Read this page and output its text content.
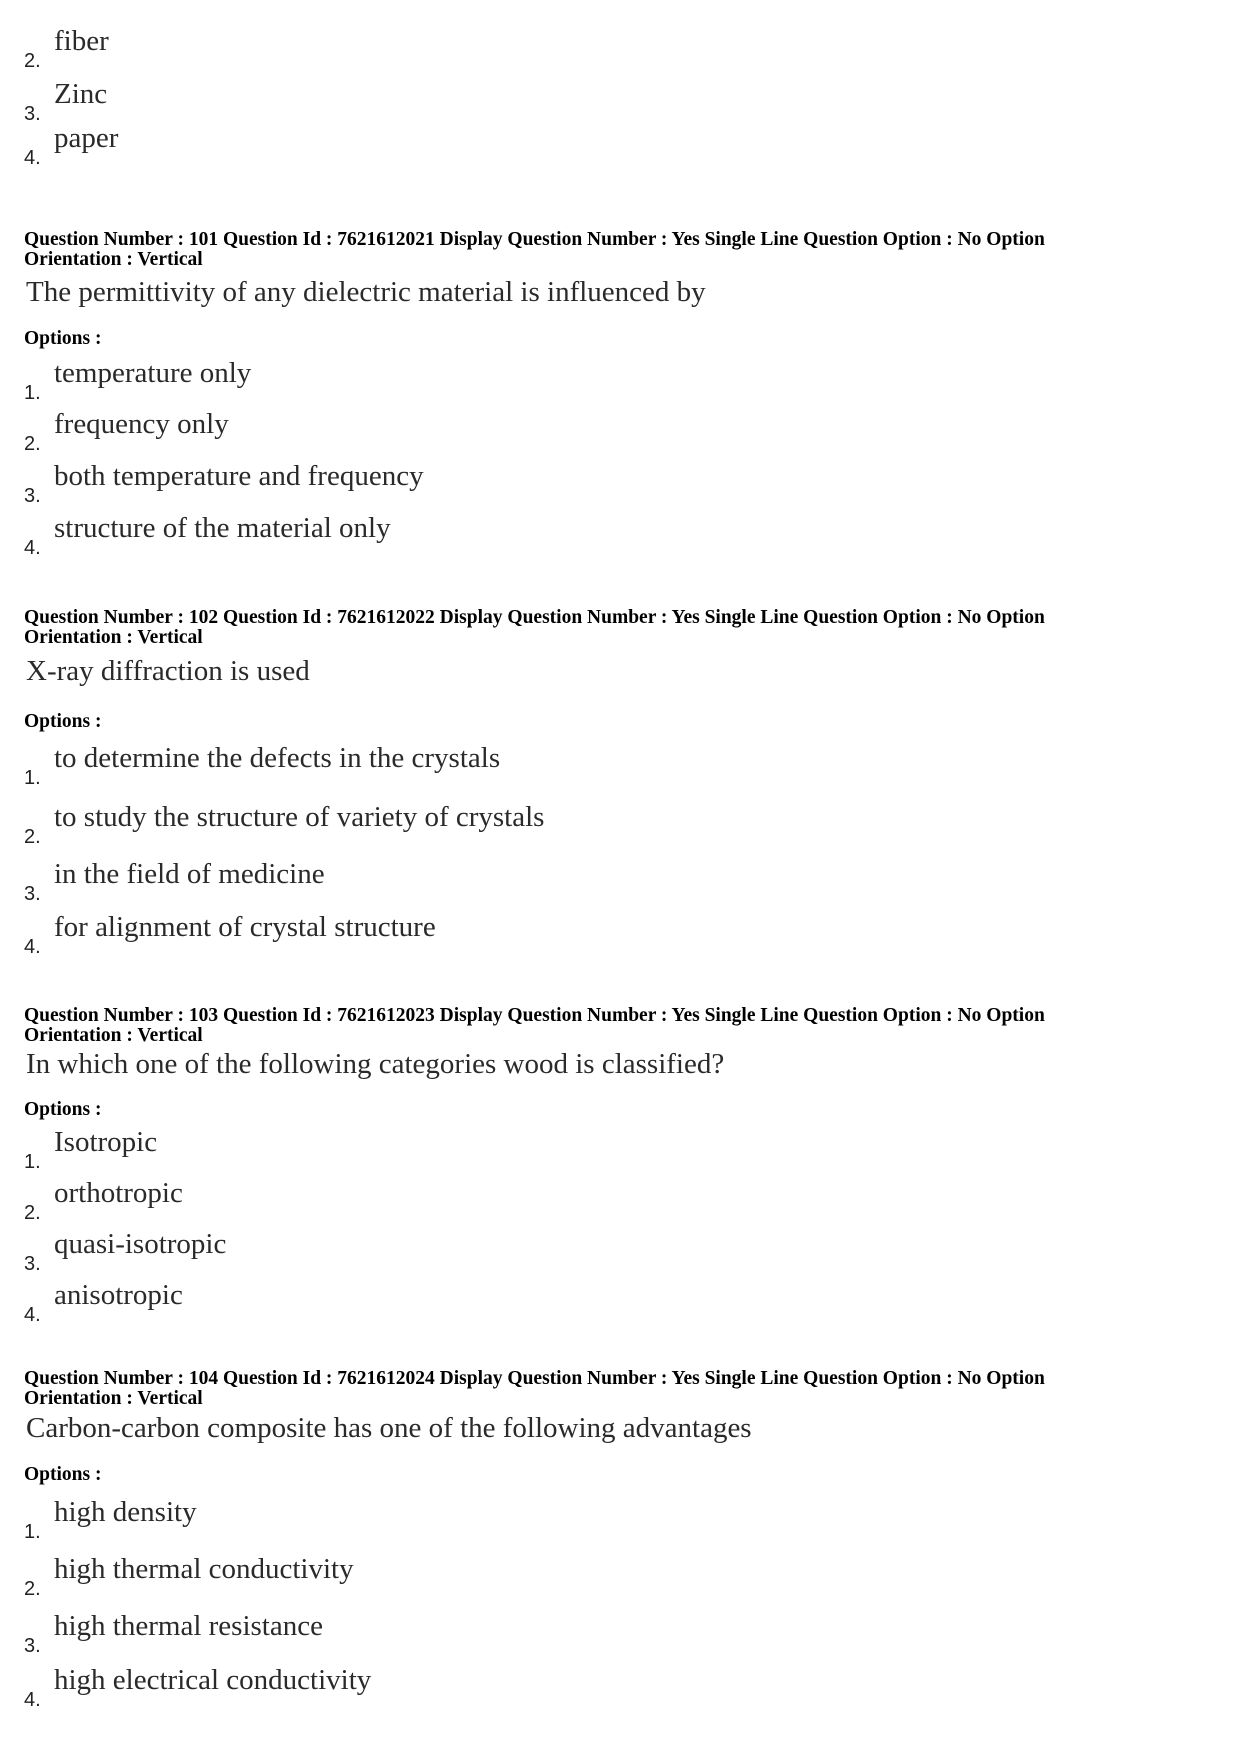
2.
fiber
3.
Zinc
4.
paper
Question Number : 101 Question Id : 7621612021 Display Question Number : Yes Single Line Question Option : No Option
Orientation : Vertical
The permittivity of any dielectric material is influenced by
Options :
1.
temperature only
2.
frequency only
3.
both temperature and frequency
4.
structure of the material only
Question Number : 102 Question Id : 7621612022 Display Question Number : Yes Single Line Question Option : No Option
Orientation : Vertical
X-ray diffraction is used
Options :
1.
to determine the defects in the crystals
2.
to study the structure of variety of crystals
3.
in the field of medicine
4.
for alignment of crystal structure
Question Number : 103 Question Id : 7621612023 Display Question Number : Yes Single Line Question Option : No Option
Orientation : Vertical
In which one of the following categories wood is classified?
Options :
1.
Isotropic
2.
orthotropic
3.
quasi-isotropic
4.
anisotropic
Question Number : 104 Question Id : 7621612024 Display Question Number : Yes Single Line Question Option : No Option
Orientation : Vertical
Carbon-carbon composite has one of the following advantages
Options :
1.
high density
2.
high thermal conductivity
3.
high thermal resistance
4.
high electrical conductivity
